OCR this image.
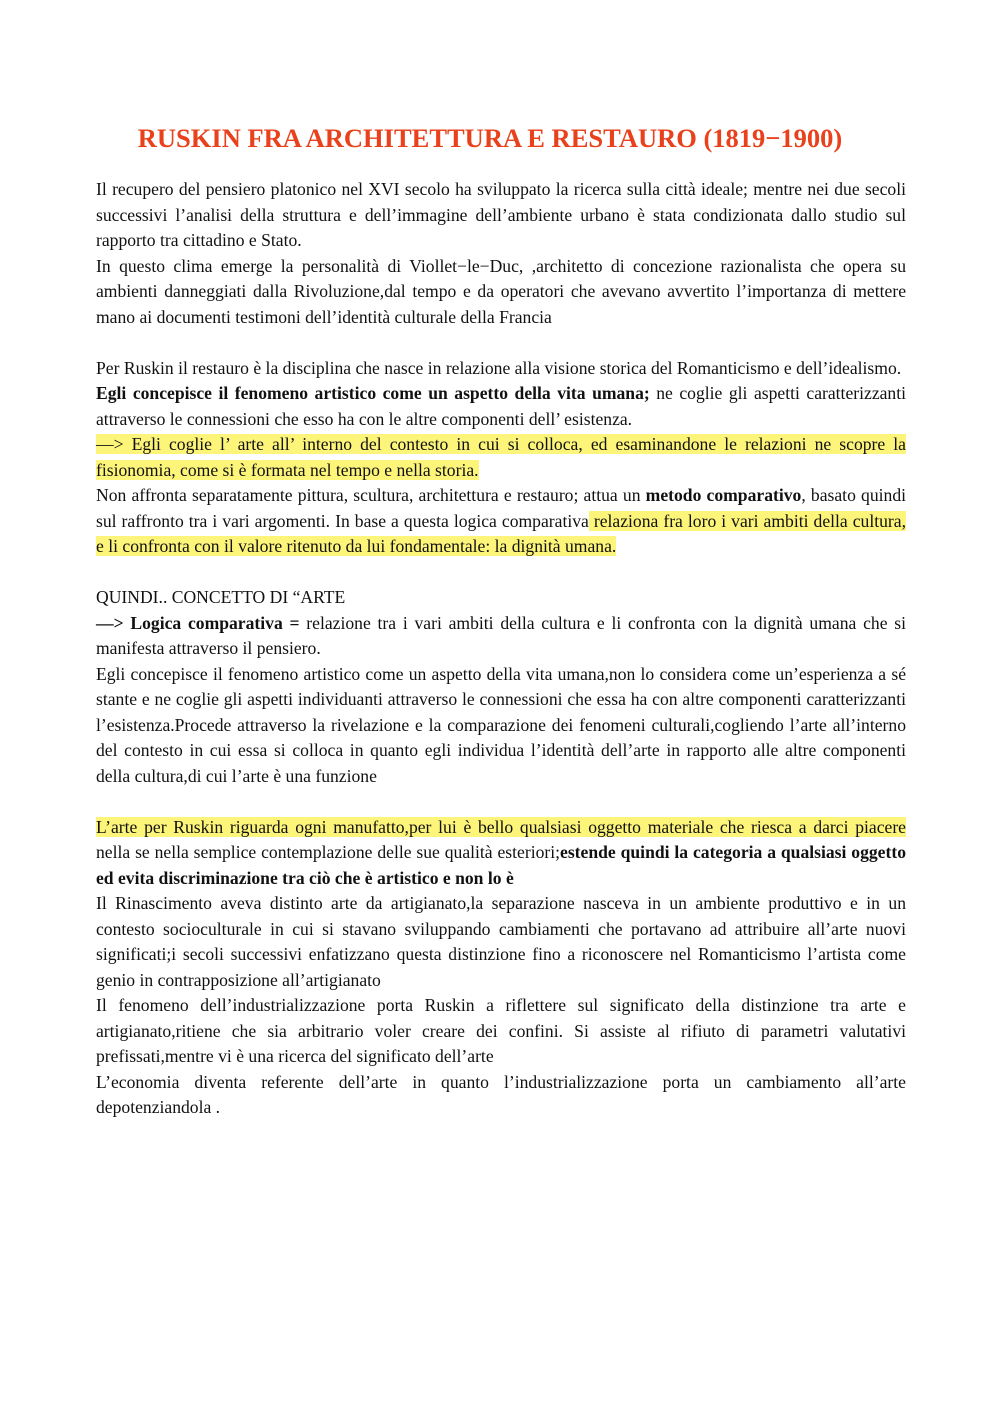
RUSKIN FRA ARCHITETTURA E RESTAURO (1819−1900)

Il recupero del pensiero platonico nel XVI secolo ha sviluppato la ricerca sulla città ideale; mentre nei due secoli successivi l’analisi della struttura e dell’immagine dell’ambiente urbano è stata condizionata dallo studio sul rapporto tra cittadino e Stato.

In questo clima emerge la personalità di Viollet−le−Duc, ,architetto di concezione razionalista che opera su ambienti danneggiati dalla Rivoluzione,dal tempo e da operatori che avevano avvertito l’importanza di mettere mano ai documenti testimoni dell’identità culturale della Francia

Per Ruskin il restauro è la disciplina che nasce in relazione alla visione storica del Romanticismo e dell’idealismo.

Egli concepisce il fenomeno artistico come un aspetto della vita umana; ne coglie gli aspetti caratterizzanti attraverso le connessioni che esso ha con le altre componenti dell’ esistenza.

—> Egli coglie l’ arte all’ interno del contesto in cui si colloca, ed esaminandone le relazioni ne scopre la fisionomia, come si è formata nel tempo e nella storia.

Non affronta separatamente pittura, scultura, architettura e restauro; attua un metodo comparativo, basato quindi sul raffronto tra i vari argomenti. In base a questa logica comparativa relaziona fra loro i vari ambiti della cultura, e li confronta con il valore ritenuto da lui fondamentale: la dignità umana.

QUINDI.. CONCETTO DI “ARTE

—> Logica comparativa = relazione tra i vari ambiti della cultura e li confronta con la dignità umana che si manifesta attraverso il pensiero.

Egli concepisce il fenomeno artistico come un aspetto della vita umana,non lo considera come un’esperienza a sé stante e ne coglie gli aspetti individuanti attraverso le connessioni che essa ha con altre componenti caratterizzanti l’esistenza.Procede attraverso la rivelazione e la comparazione dei fenomeni culturali,cogliendo l’arte all’interno del contesto in cui essa si colloca in quanto egli individua l’identità dell’arte in rapporto alle altre componenti della cultura,di cui l’arte è una funzione

L’arte per Ruskin riguarda ogni manufatto,per lui è bello qualsiasi oggetto materiale che riesca a darci piacere nella se nella semplice contemplazione delle sue qualità esteriori;estende quindi la categoria a qualsiasi oggetto ed evita discriminazione tra ciò che è artistico e non lo è

Il Rinascimento aveva distinto arte da artigianato,la separazione nasceva in un ambiente produttivo e in un contesto socioculturale in cui si stavano sviluppando cambiamenti che portavano ad attribuire all’arte nuovi significati;i secoli successivi enfatizzano questa distinzione fino a riconoscere nel Romanticismo l’artista come genio in contrapposizione all’artigianato

Il fenomeno dell’industrializzazione porta Ruskin a riflettere sul significato della distinzione tra arte e artigianato,ritiene che sia arbitrario voler creare dei confini. Si assiste al rifiuto di parametri valutativi prefissati,mentre vi è una ricerca del significato dell’arte

L’economia diventa referente dell’arte in quanto l’industrializzazione porta un cambiamento all’arte depotenziandola .
